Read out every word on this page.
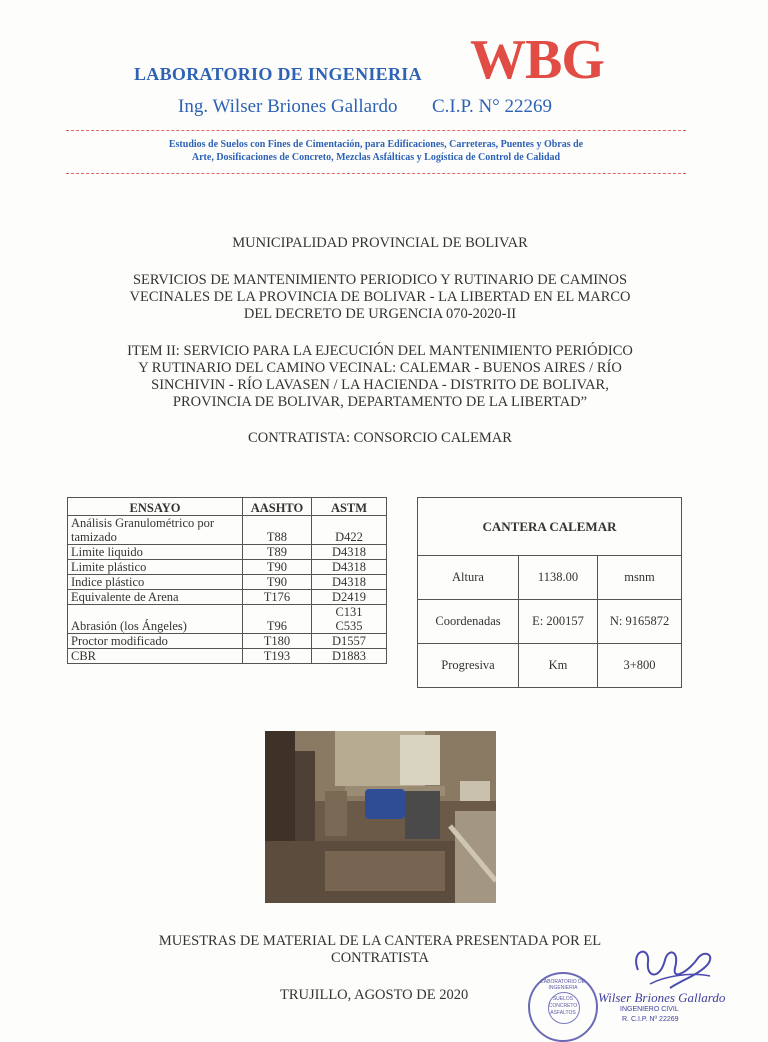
LABORATORIO DE INGENIERIA WBG
Ing. Wilser Briones Gallardo C.I.P. N° 22269
Estudios de Suelos con Fines de Cimentación, para Edificaciones, Carreteras, Puentes y Obras de
Arte, Dosificaciones de Concreto, Mezclas Asfálticas y Logística de Control de Calidad
MUNICIPALIDAD PROVINCIAL DE BOLIVAR
SERVICIOS DE MANTENIMIENTO PERIODICO Y RUTINARIO DE CAMINOS
VECINALES DE LA PROVINCIA DE BOLIVAR - LA LIBERTAD EN EL MARCO
DEL DECRETO DE URGENCIA 070-2020-II
ITEM II: SERVICIO PARA LA EJECUCIÓN DEL MANTENIMIENTO PERIÓDICO
Y RUTINARIO DEL CAMINO VECINAL: CALEMAR - BUENOS AIRES / RÍO
SINCHIVIN - RÍO LAVASEN / LA HACIENDA - DISTRITO DE BOLIVAR,
PROVINCIA DE BOLIVAR, DEPARTAMENTO DE LA LIBERTAD”
CONTRATISTA: CONSORCIO CALEMAR
ENSAYO	AASHTO	ASTM

Análisis Granulométrico por
tamizado	T88	D422
Limite liquido	T89	D4318
Limite plástico	T90	D4318
Indice plástico	T90	D4318
Equivalente de Arena	T176	D2419
Abrasión (los Ángeles)	T96	C131
C535

Proctor modificado	T180	D1557
CBR	T193	D1883
CANTERA CALEMAR		
Altura	1138.00	msnm
Coordenadas	E: 200157	N: 9165872
Progresiva	Km	3+800
MUESTRAS DE MATERIAL DE LA CANTERA PRESENTADA POR EL
CONTRATISTA
TRUJILLO, AGOSTO DE 2020
LABORATORIO DE INGENIERIA
SUELOS
CONCRETO
ASFALTOS
Wilser Briones Gallardo
INGENIERO CIVIL
R. C.I.P. Nº 22269
